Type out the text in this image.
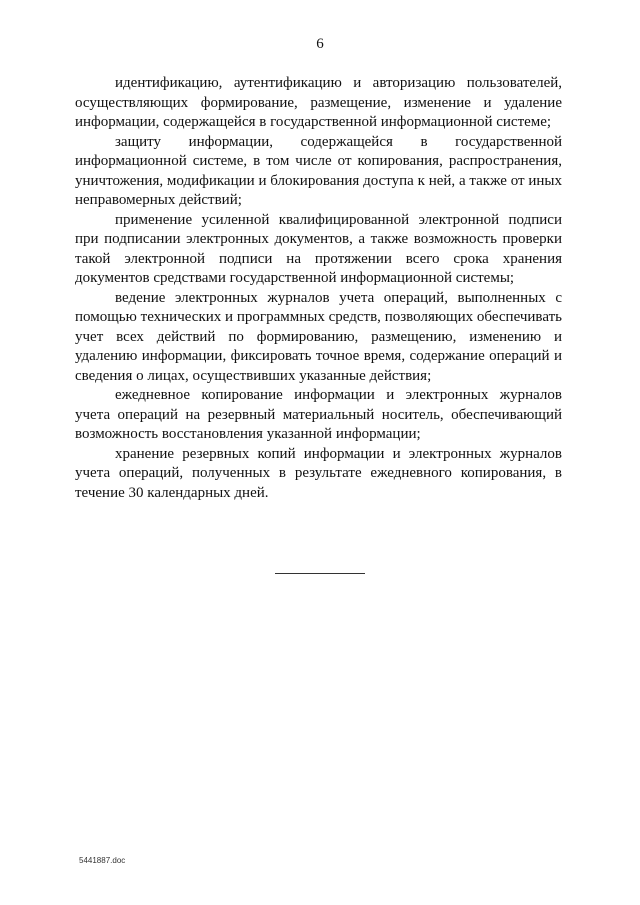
6

идентификацию, аутентификацию и авторизацию пользователей, осуществляющих формирование, размещение, изменение и удаление информации, содержащейся в государственной информационной системе;

защиту информации, содержащейся в государственной информационной системе, в том числе от копирования, распространения, уничтожения, модификации и блокирования доступа к ней, а также от иных неправомерных действий;

применение усиленной квалифицированной электронной подписи при подписании электронных документов, а также возможность проверки такой электронной подписи на протяжении всего срока хранения документов средствами государственной информационной системы;

ведение электронных журналов учета операций, выполненных с помощью технических и программных средств, позволяющих обеспечивать учет всех действий по формированию, размещению, изменению и удалению информации, фиксировать точное время, содержание операций и сведения о лицах, осуществивших указанные действия;

ежедневное копирование информации и электронных журналов учета операций на резервный материальный носитель, обеспечивающий возможность восстановления указанной информации;

хранение резервных копий информации и электронных журналов учета операций, полученных в результате ежедневного копирования, в течение 30 календарных дней.

5441887.doc
